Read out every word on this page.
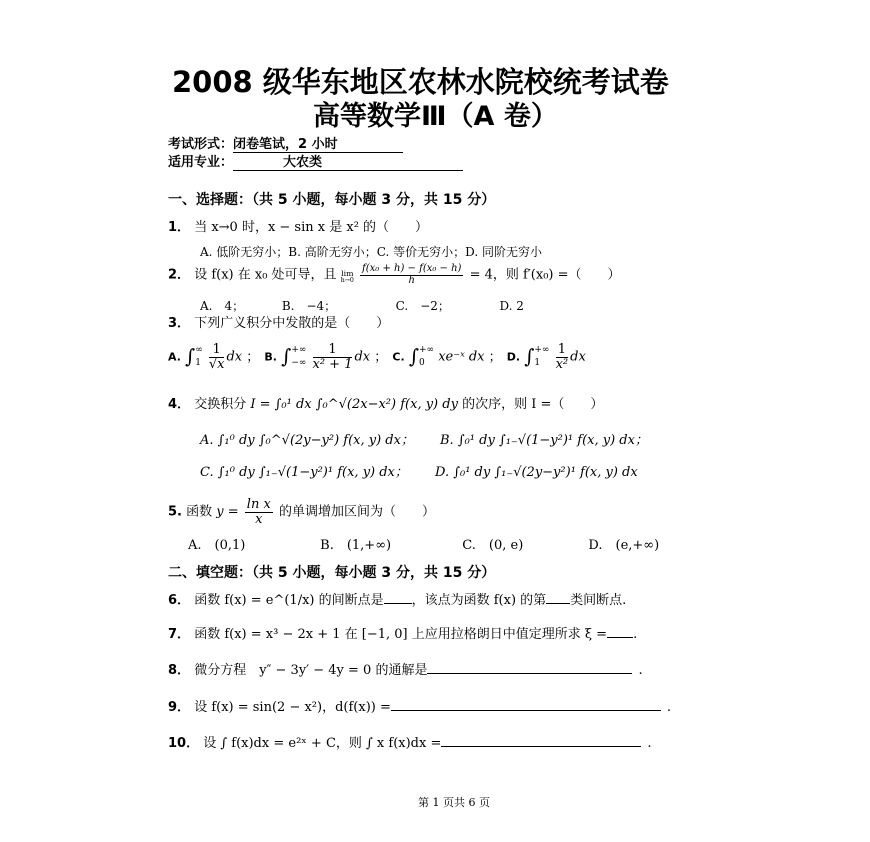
2008 级华东地区农林水院校统考试卷
高等数学Ⅲ（A 卷）
考试形式：闭卷笔试，2 小时
适用专业：	大农类
一、选择题：（共 5 小题，每小题 3 分，共 15 分）
1． 当 x→0 时，x − sin x 是 x² 的（　　）
A. 低阶无穷小；B. 高阶无穷小；C. 等价无穷小；D. 同阶无穷小
2． 设 f(x) 在 x₀ 处可导，且 lim
h→0
$\frac{\text{f(x₀ + h) − f(x₀ − h)}}{h} = 4$，则 f′(x₀) =（　　）
A.　4；	B.　−4；	C.　−2；	D. 2
3． 下列广义积分中发散的是（　　）
A. ∫ ∞
1
$\frac{1}{√x}$ dx ； B. ∫ +∞
−∞
$\frac{1}{\text{x² + 1}}$ dx ； C. ∫ +∞
0	xe⁻ˣ dx ； D. ∫ +∞
1
	$\frac{1}{\text{x²}}$ dx
4． 交换积分 I = ∫₀¹ dx ∫₀^√(2x−x²) f(x, y) dy 的次序，则 I =（　　）
A. ∫₁⁰ dy ∫₀^√(2y−y²) f(x, y) dx； B. ∫₀¹ dy ∫₁₋√(1−y²)¹ f(x, y) dx；
C. ∫₁⁰ dy ∫₁₋√(1−y²)¹ f(x, y) dx； D. ∫₀¹ dy ∫₁₋√(2y−y²)¹ f(x, y) dx
5. 函数 $y = \frac{\text{ln x}}{x}$ 的单调增加区间为（　　）
A.　(0,1)	B.　(1,+∞)	C.　(0, e)	D.　(e,+∞)
二、填空题：（共 5 小题，每小题 3 分，共 15 分）
6． 函数 f(x) = e^(1/x) 的间断点是 ，该点为函数 f(x) 的第 类间断点.
7． 函数 f(x) = x³ − 2x + 1 在 [−1, 0] 上应用拉格朗日中值定理所求 ξ = .
8． 微分方程　y″ − 3y′ − 4y = 0 的通解是	.
9． 设 f(x) = sin(2 − x²)，d(f(x)) =	.
10． 设 ∫ f(x)dx = e²ˣ + C，则 ∫ x f(x)dx =	.
第 1 页共 6 页
